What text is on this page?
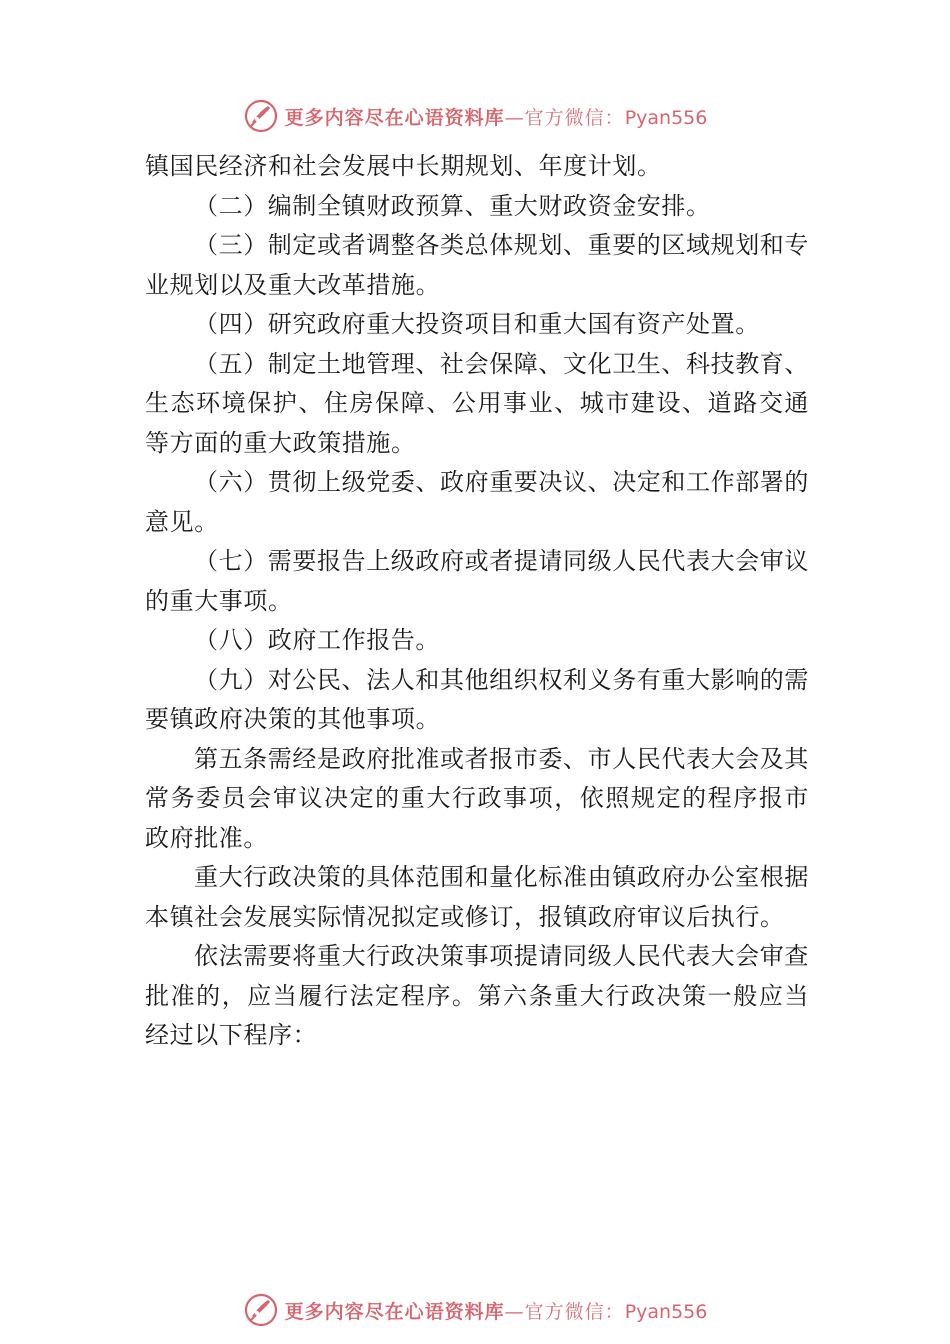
更多内容尽在心语资料库—官方微信：Pyan556

镇国民经济和社会发展中长期规划、年度计划。

（二）编制全镇财政预算、重大财政资金安排。

（三）制定或者调整各类总体规划、重要的区域规划和专业规划以及重大改革措施。

（四）研究政府重大投资项目和重大国有资产处置。

（五）制定土地管理、社会保障、文化卫生、科技教育、生态环境保护、住房保障、公用事业、城市建设、道路交通等方面的重大政策措施。

（六）贯彻上级党委、政府重要决议、决定和工作部署的意见。

（七）需要报告上级政府或者提请同级人民代表大会审议的重大事项。

（八）政府工作报告。

（九）对公民、法人和其他组织权利义务有重大影响的需要镇政府决策的其他事项。

第五条需经是政府批准或者报市委、市人民代表大会及其常务委员会审议决定的重大行政事项，依照规定的程序报市政府批准。

重大行政决策的具体范围和量化标准由镇政府办公室根据本镇社会发展实际情况拟定或修订，报镇政府审议后执行。

依法需要将重大行政决策事项提请同级人民代表大会审查批准的，应当履行法定程序。第六条重大行政决策一般应当经过以下程序：

更多内容尽在心语资料库—官方微信：Pyan556
